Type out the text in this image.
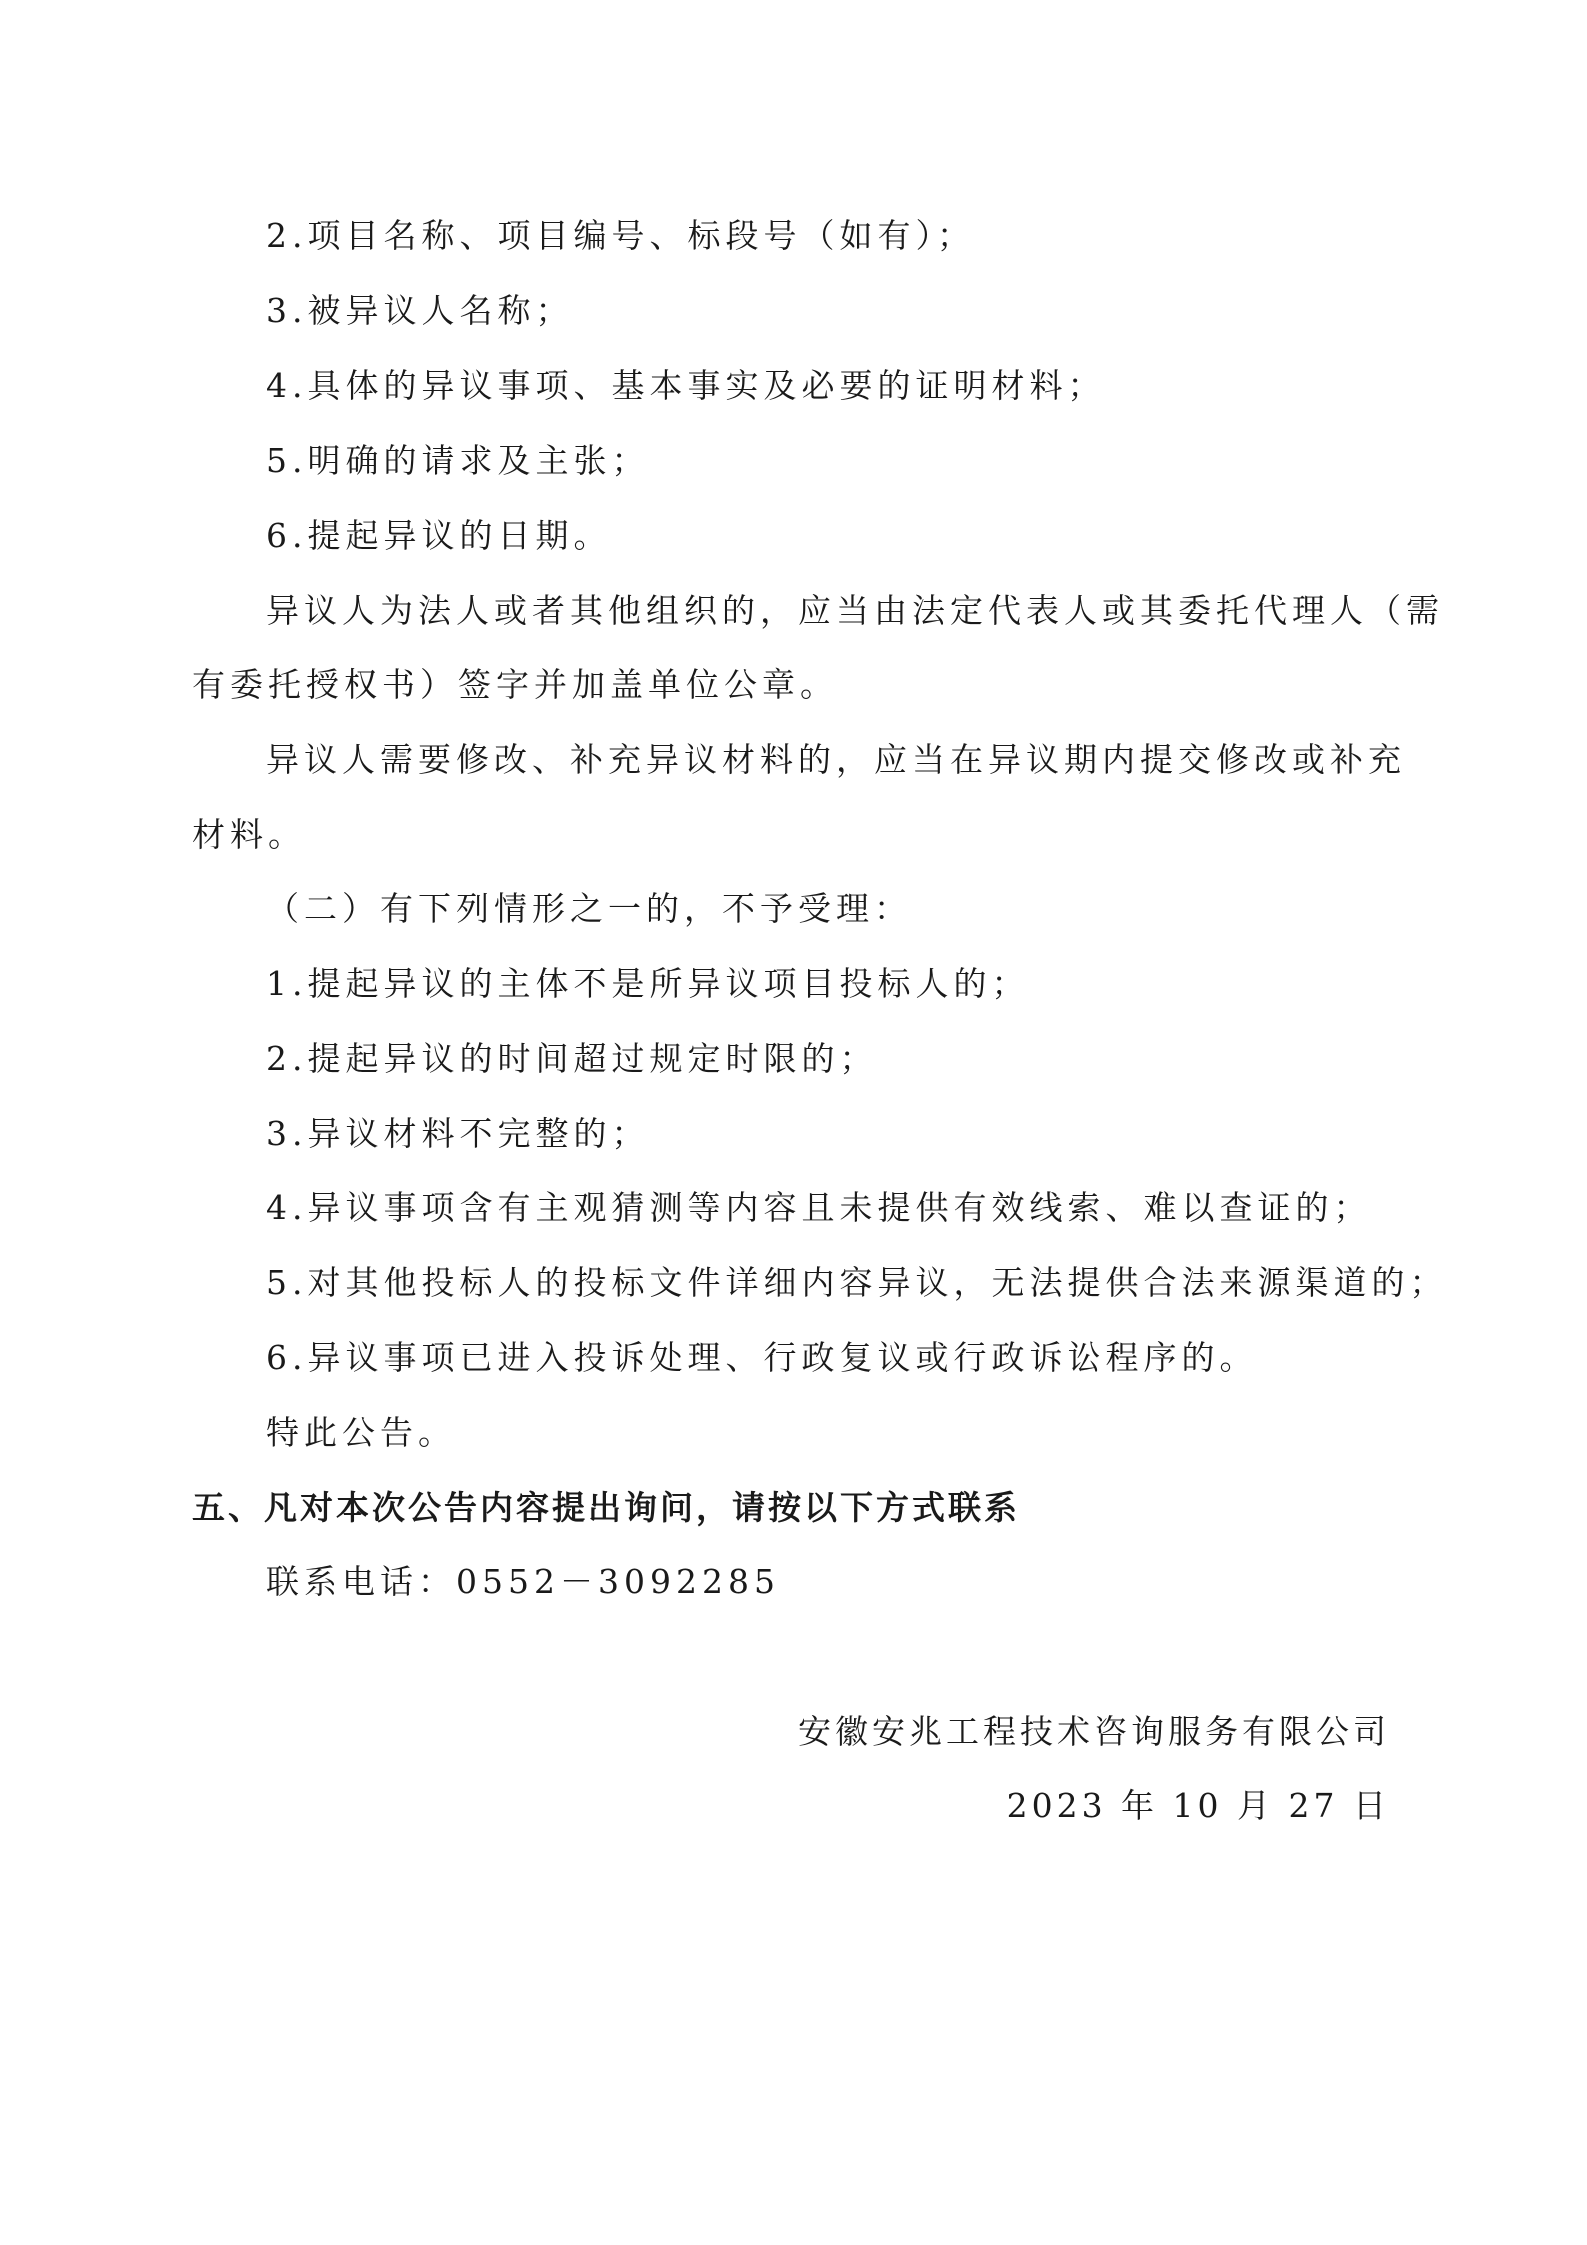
2.项目名称、项目编号、标段号（如有）；
3.被异议人名称；
4.具体的异议事项、基本事实及必要的证明材料；
5.明确的请求及主张；
6.提起异议的日期。
异议人为法人或者其他组织的，应当由法定代表人或其委托代理人（需
有委托授权书）签字并加盖单位公章。
异议人需要修改、补充异议材料的，应当在异议期内提交修改或补充
材料。
（二）有下列情形之一的，不予受理：
1.提起异议的主体不是所异议项目投标人的；
2.提起异议的时间超过规定时限的；
3.异议材料不完整的；
4.异议事项含有主观猜测等内容且未提供有效线索、难以查证的；
5.对其他投标人的投标文件详细内容异议，无法提供合法来源渠道的；
6.异议事项已进入投诉处理、行政复议或行政诉讼程序的。
特此公告。
五、凡对本次公告内容提出询问，请按以下方式联系
联系电话：0552－3092285
安徽安兆工程技术咨询服务有限公司
2023 年 10 月 27 日
